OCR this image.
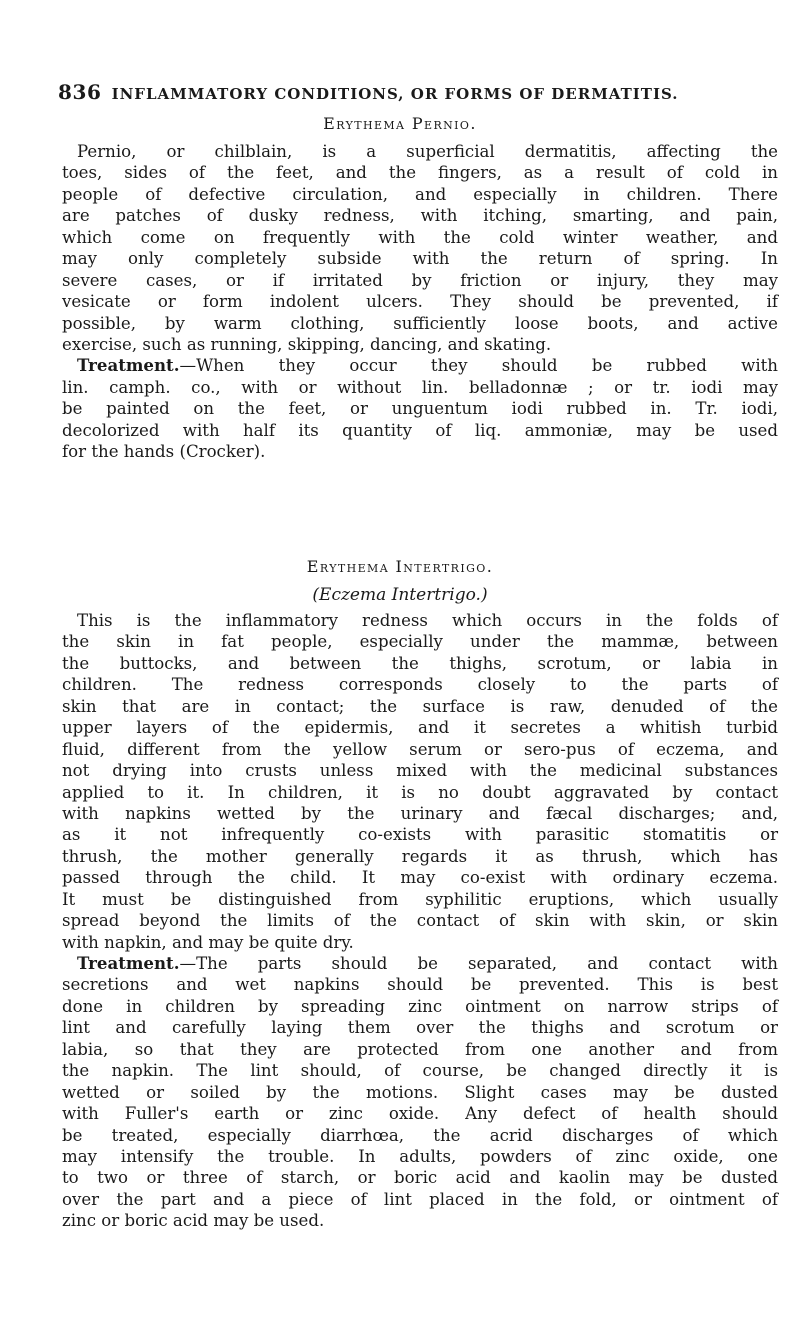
836 INFLAMMATORY CONDITIONS, OR FORMS OF DERMATITIS.
Erythema Pernio.
Pernio, or chilblain, is a superficial dermatitis, affecting the
toes, sides of the feet, and the fingers, as a result of cold in
people of defective circulation, and especially in children. There
are patches of dusky redness, with itching, smarting, and pain,
which come on frequently with the cold winter weather, and
may only completely subside with the return of spring. In
severe cases, or if irritated by friction or injury, they may
vesicate or form indolent ulcers. They should be prevented, if
possible, by warm clothing, sufficiently loose boots, and active
exercise, such as running, skipping, dancing, and skating.
Treatment.—When they occur they should be rubbed with
lin. camph. co., with or without lin. belladonnæ ; or tr. iodi may
be painted on the feet, or unguentum iodi rubbed in. Tr. iodi,
decolorized with half its quantity of liq. ammoniæ, may be used
for the hands (Crocker).
Erythema Intertrigo.
(Eczema Intertrigo.)
This is the inflammatory redness which occurs in the folds of
the skin in fat people, especially under the mammæ, between
the buttocks, and between the thighs, scrotum, or labia in
children. The redness corresponds closely to the parts of
skin that are in contact; the surface is raw, denuded of the
upper layers of the epidermis, and it secretes a whitish turbid
fluid, different from the yellow serum or sero-pus of eczema, and
not drying into crusts unless mixed with the medicinal substances
applied to it. In children, it is no doubt aggravated by contact
with napkins wetted by the urinary and fæcal discharges; and,
as it not infrequently co-exists with parasitic stomatitis or
thrush, the mother generally regards it as thrush, which has
passed through the child. It may co-exist with ordinary eczema.
It must be distinguished from syphilitic eruptions, which usually
spread beyond the limits of the contact of skin with skin, or skin
with napkin, and may be quite dry.
Treatment.—The parts should be separated, and contact with
secretions and wet napkins should be prevented. This is best
done in children by spreading zinc ointment on narrow strips of
lint and carefully laying them over the thighs and scrotum or
labia, so that they are protected from one another and from
the napkin. The lint should, of course, be changed directly it is
wetted or soiled by the motions. Slight cases may be dusted
with Fuller's earth or zinc oxide. Any defect of health should
be treated, especially diarrhœa, the acrid discharges of which
may intensify the trouble. In adults, powders of zinc oxide, one
to two or three of starch, or boric acid and kaolin may be dusted
over the part and a piece of lint placed in the fold, or ointment of
zinc or boric acid may be used.
